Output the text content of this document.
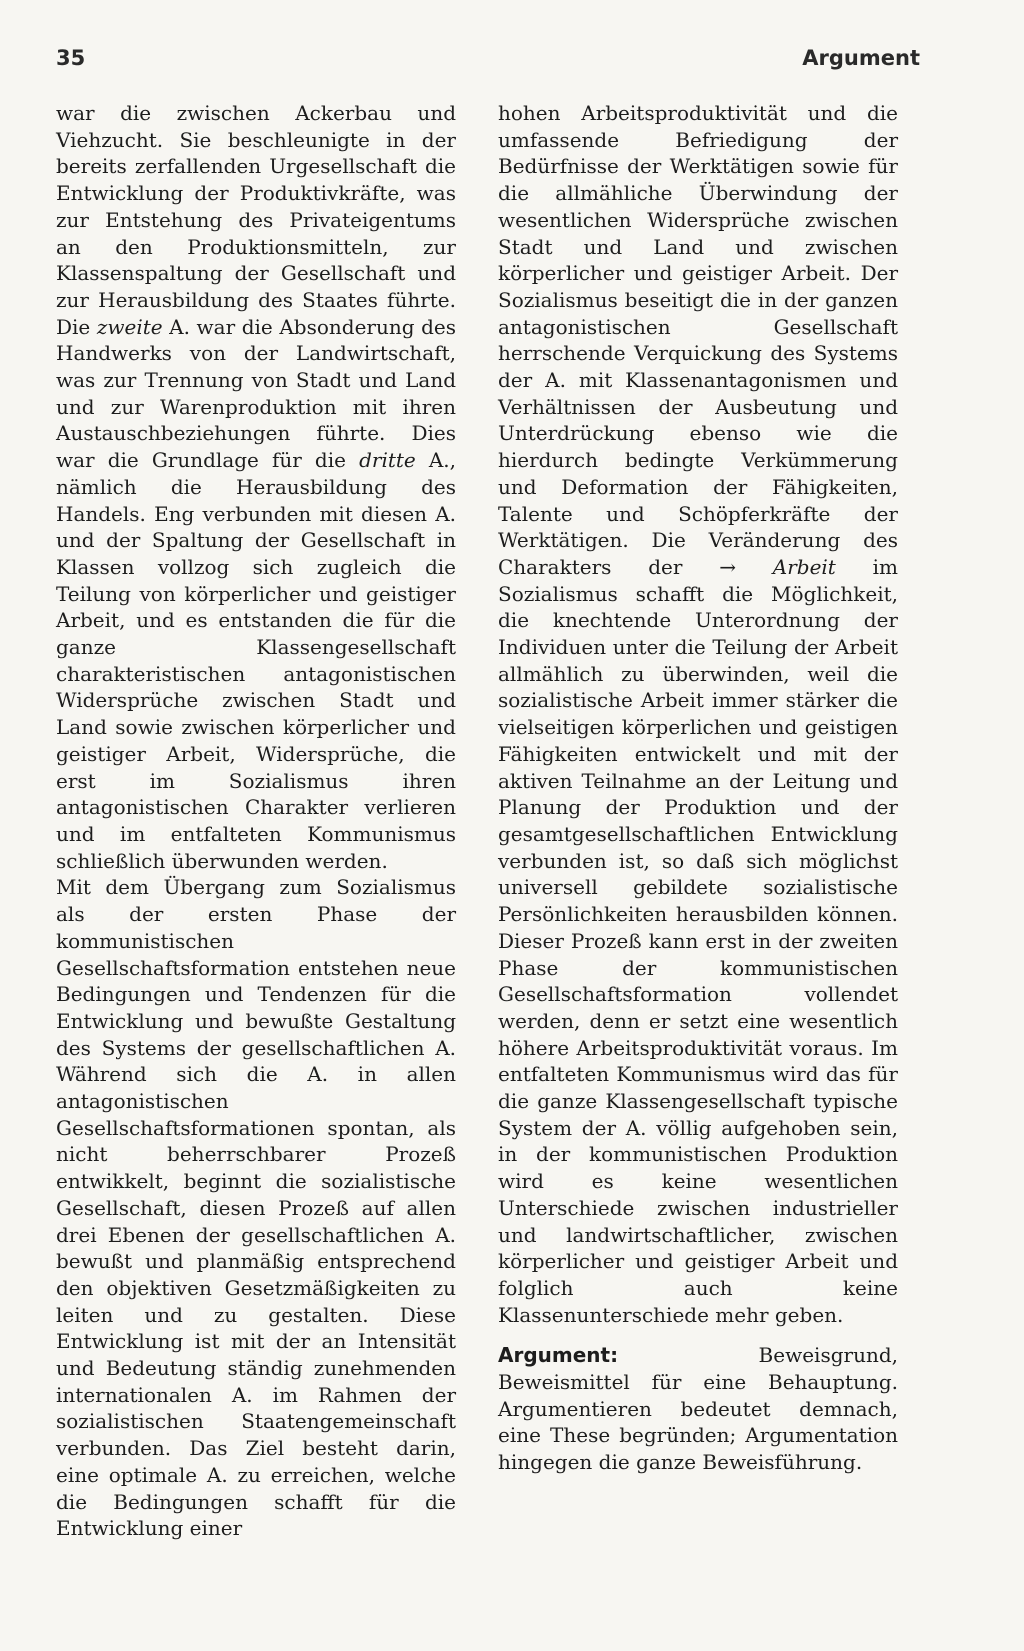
35	Argument

war die zwischen Ackerbau und Viehzucht. Sie beschleunigte in der bereits zerfallenden Urgesellschaft die Entwicklung der Produktivkräfte, was zur Entstehung des Privateigentums an den Produktionsmitteln, zur Klassenspaltung der Gesellschaft und zur Herausbildung des Staates führte. Die zweite A. war die Absonderung des Handwerks von der Landwirtschaft, was zur Trennung von Stadt und Land und zur Warenproduktion mit ihren Austauschbeziehungen führte. Dies war die Grundlage für die dritte A., nämlich die Herausbildung des Handels. Eng verbunden mit diesen A. und der Spaltung der Gesellschaft in Klassen vollzog sich zugleich die Teilung von körperlicher und geistiger Arbeit, und es entstanden die für die ganze Klassengesellschaft charakteristischen antagonistischen Widersprüche zwischen Stadt und Land sowie zwischen körperlicher und geistiger Arbeit, Widersprüche, die erst im Sozialismus ihren antagonistischen Charakter verlieren und im entfalteten Kommunismus schließlich überwunden werden.

Mit dem Übergang zum Sozialismus als der ersten Phase der kommunistischen Gesellschaftsformation entstehen neue Bedingungen und Tendenzen für die Entwicklung und bewußte Gestaltung des Systems der gesellschaftlichen A. Während sich die A. in allen antagonistischen Gesellschaftsformationen spontan, als nicht beherrschbarer Prozeß entwikkelt, beginnt die sozialistische Gesellschaft, diesen Prozeß auf allen drei Ebenen der gesellschaftlichen A. bewußt und planmäßig entsprechend den objektiven Gesetzmäßigkeiten zu leiten und zu gestalten. Diese Entwicklung ist mit der an Intensität und Bedeutung ständig zunehmenden internationalen A. im Rahmen der sozialistischen Staatengemeinschaft verbunden. Das Ziel besteht darin, eine optimale A. zu erreichen, welche die Bedingungen schafft für die Entwicklung einer

hohen Arbeitsproduktivität und die umfassende Befriedigung der Bedürfnisse der Werktätigen sowie für die allmähliche Überwindung der wesentlichen Widersprüche zwischen Stadt und Land und zwischen körperlicher und geistiger Arbeit. Der Sozialismus beseitigt die in der ganzen antagonistischen Gesellschaft herrschende Verquickung des Systems der A. mit Klassenantagonismen und Verhältnissen der Ausbeutung und Unterdrückung ebenso wie die hierdurch bedingte Verkümmerung und Deformation der Fähigkeiten, Talente und Schöpferkräfte der Werktätigen. Die Veränderung des Charakters der → Arbeit im Sozialismus schafft die Möglichkeit, die knechtende Unterordnung der Individuen unter die Teilung der Arbeit allmählich zu überwinden, weil die sozialistische Arbeit immer stärker die vielseitigen körperlichen und geistigen Fähigkeiten entwickelt und mit der aktiven Teilnahme an der Leitung und Planung der Produktion und der gesamtgesellschaftlichen Entwicklung verbunden ist, so daß sich möglichst universell gebildete sozialistische Persönlichkeiten herausbilden können. Dieser Prozeß kann erst in der zweiten Phase der kommunistischen Gesellschaftsformation vollendet werden, denn er setzt eine wesentlich höhere Arbeitsproduktivität voraus. Im entfalteten Kommunismus wird das für die ganze Klassengesellschaft typische System der A. völlig aufgehoben sein, in der kommunistischen Produktion wird es keine wesentlichen Unterschiede zwischen industrieller und landwirtschaftlicher, zwischen körperlicher und geistiger Arbeit und folglich auch keine Klassenunterschiede mehr geben.

Argument: Beweisgrund, Beweismittel für eine Behauptung. Argumentieren bedeutet demnach, eine These begründen; Argumentation hingegen die ganze Beweisführung.
